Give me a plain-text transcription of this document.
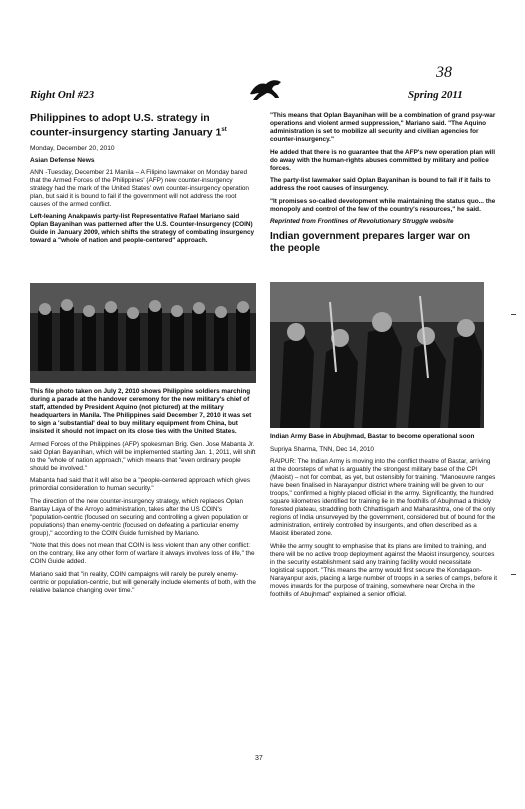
38
Right Onl #23	Spring 2011
Philippines to adopt U.S. strategy in
counter-insurgency starting January 1st
Monday, December 20, 2010
Asian Defense News

ANN -Tuesday, December 21 Manila – A Filipino lawmaker on Monday bared that the Armed Forces of the Philippines' (AFP) new counter-insurgency strategy had the mark of the United States' own counter-insurgency operation plan, but said it is bound to fail if the government will not address the root causes of the armed conflict.

Left-leaning Anakpawis party-list Representative Rafael Mariano said Oplan Bayanihan was patterned after the U.S. Counter-Insurgency (COIN) Guide in January 2009, which shifts the strategy of combating insurgency toward a "whole of nation and people-centered" approach.

This file photo taken on July 2, 2010 shows Philippine soldiers marching during a parade at the handover ceremony for the new military's chief of staff, attended by President Aquino (not pictured) at the military headquarters in Manila. The Philippines said December 7, 2010 it was set to sign a 'substantial' deal to buy military equipment from China, but insisted it should not impact on its close ties with the United States.

Armed Forces of the Philippines (AFP) spokesman Brig. Gen. Jose Mabanta Jr. said Oplan Bayanihan, which will be implemented starting Jan. 1, 2011, will shift to the "whole of nation approach," which means that "even ordinary people should be involved."

Mabanta had said that it will also be a "people-centered approach which gives primordial consideration to human security."

The direction of the new counter-insurgency strategy, which replaces Oplan Bantay Laya of the Arroyo administration, takes after the US COIN's "population-centric (focused on securing and controlling a given population or populations) than enemy-centric (focused on defeating a particular enemy group)," according to the COIN Guide furnished by Mariano.

"Note that this does not mean that COIN is less violent than any other conflict: on the contrary, like any other form of warfare it always involves loss of life," the COIN Guide added.

Mariano said that "in reality, COIN campaigns will rarely be purely enemy-centric or population-centric, but will generally include elements of both, with the relative balance changing over time."

"This means that Oplan Bayanihan will be a combination of grand psy-war operations and violent armed suppression," Mariano said. "The Aquino administration is set to mobilize all security and civilian agencies for counter-insurgency."

He added that there is no guarantee that the AFP's new operation plan will do away with the human-rights abuses committed by military and police forces.

The party-list lawmaker said Oplan Bayanihan is bound to fail if it fails to address the root causes of insurgency.

"It promises so-called development while maintaining the status quo... the monopoly and control of the few of the country's resources," he said.

Reprinted from Frontlines of Revolutionary Struggle website

Indian government prepares larger war on
the people

Indian Army Base in Abujhmad, Bastar to become operational soon

Supriya Sharma, TNN, Dec 14, 2010

RAIPUR: The Indian Army is moving into the conflict theatre of Bastar, arriving at the doorsteps of what is arguably the strongest military base of the CPI (Maoist) – not for combat, as yet, but ostensibly for training. "Manoeuvre ranges have been finalised in Narayanpur district where training will be given to our troops," confirmed a highly placed official in the army. Significantly, the hundred square kilometres identified for training lie in the foothills of Abujhmad a thickly forested plateau, straddling both Chhattisgarh and Maharashtra, one of the only regions of India unsurveyed by the government, considered but of bound for the administration, entirely controlled by insurgents, and often described as a Maoist liberated zone.

While the army sought to emphasise that its plans are limited to training, and there will be no active troop deployment against the Maoist insurgency, sources in the security establishment said any training facility would necessitate logistical support. "This means the army would first secure the Kondagaon-Narayanpur axis, placing a large number of troops in a series of camps, before it moves inwards for the purpose of training, somewhere near Orcha in the foothills of Abujhmad" explained a senior official.

37
